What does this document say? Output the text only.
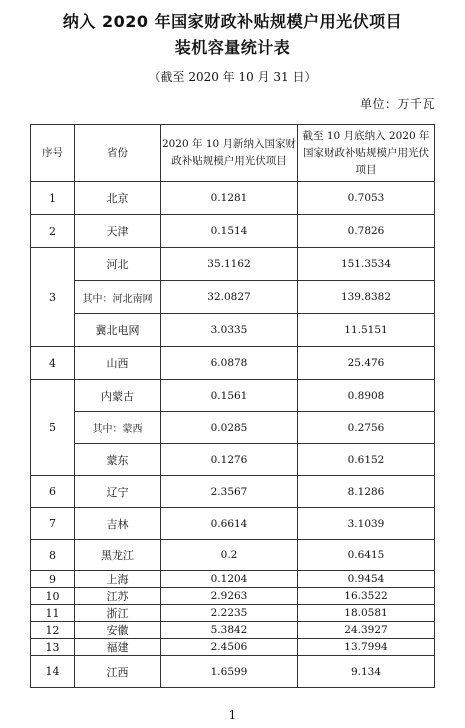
纳入 2020 年国家财政补贴规模户用光伏项目
装机容量统计表
（截至 2020 年 10 月 31 日）
单位：万千瓦
序号	省份	2020 年 10 月新纳入国家财政补贴规模户用光伏项目	截至 10 月底纳入 2020 年国家财政补贴规模户用光伏项目
1	北京	0.1281	0.7053
2	天津	0.1514	0.7826
3	河北	35.1162	151.3534
	其中：河北南网	32.0827	139.8382
	冀北电网	3.0335	11.5151
4	山西	6.0878	25.476
5	内蒙古	0.1561	0.8908
	其中：蒙西	0.0285	0.2756
	蒙东	0.1276	0.6152
6	辽宁	2.3567	8.1286
7	吉林	0.6614	3.1039
8	黑龙江	0.2	0.6415
9	上海	0.1204	0.9454
10	江苏	2.9263	16.3522
11	浙江	2.2235	18.0581
12	安徽	5.3842	24.3927
13	福建	2.4506	13.7994
14	江西	1.6599	9.134
1
